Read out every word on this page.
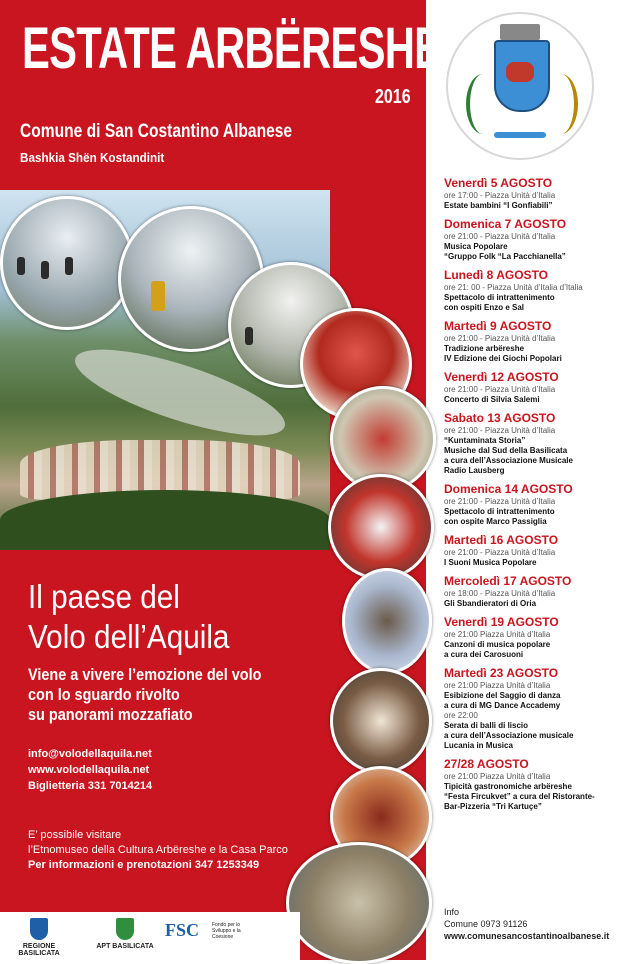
ESTATE ARBËRESHE
2016
Comune di San Costantino Albanese
Bashkia Shën Kostandinit
Il paese del
Volo dell’Aquila
Viene a vivere l’emozione del volo
con lo sguardo rivolto
su panorami mozzafiato
info@volodellaquila.net
www.volodellaquila.net
Biglietteria 331 7014214
E’ possibile visitare
l’Etnomuseo della Cultura Arbëreshe e la Casa Parco
Per informazioni e prenotazioni 347 1253349
REGIONE BASILICATA
APT BASILICATA
FSC	Fondo per lo Sviluppo e la Coesione
Venerdì 5 AGOSTO
ore 17:00 - Piazza Unità d’Italia
Estate bambini “I Gonfiabili”
Domenica 7 AGOSTO
ore 21:00 - Piazza Unità d’Italia
Musica Popolare
“Gruppo Folk “La Pacchianella”
Lunedì 8 AGOSTO
ore 21: 00 - Piazza Unità d’Italia d’Italia
Spettacolo di intrattenimento
con ospiti Enzo e Sal
Martedì 9 AGOSTO
ore 21:00 - Piazza Unità d’Italia
Tradizione arbëreshe
IV Edizione dei Giochi Popolari
Venerdì 12 AGOSTO
ore 21:00 - Piazza Unità d’Italia
Concerto di Silvia Salemi
Sabato 13 AGOSTO
ore 21:00 - Piazza Unità d’Italia
“Kuntaminata Storia”
Musiche dal Sud della Basilicata
a cura dell’Associazione Musicale
Radio Lausberg
Domenica 14 AGOSTO
ore 21:00 - Piazza Unità d’Italia
Spettacolo di intrattenimento
con ospite Marco Passiglia
Martedì 16 AGOSTO
ore 21:00 - Piazza Unità d’Italia
I Suoni Musica Popolare
Mercoledì 17 AGOSTO
ore 18:00 - Piazza Unità d’Italia
Gli Sbandieratori di Oria
Venerdì 19 AGOSTO
ore 21:00 Piazza Unità d’Italia
Canzoni di musica popolare
a cura dei Carosuoni
Martedì 23 AGOSTO
ore 21:00 Piazza Unità d’Italia
Esibizione del Saggio di danza
a cura di MG Dance Accademy
ore 22:00
Serata di balli di liscio
a cura dell’Associazione musicale
Lucania in Musica
27/28 AGOSTO
ore 21:00 Piazza Unità d’Italia
Tipicità gastronomiche arbëreshe
“Festa Fircukvet” a cura del Ristorante-
Bar-Pizzeria “Tri Kartuçe”
Info
Comune 0973 91126
www.comunesancostantinoalbanese.it
